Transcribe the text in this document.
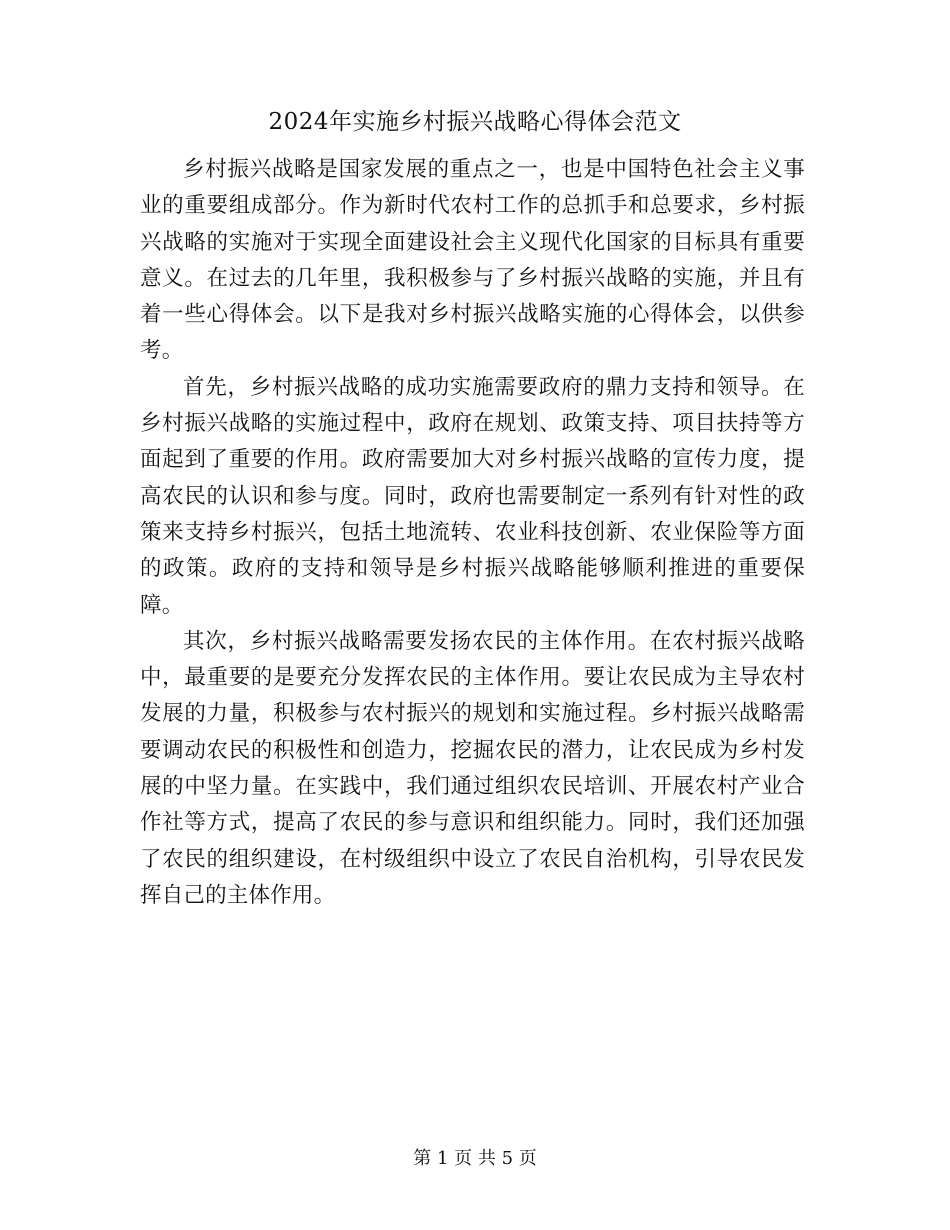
2024年实施乡村振兴战略心得体会范文

乡村振兴战略是国家发展的重点之一，也是中国特色社会主义事业的重要组成部分。作为新时代农村工作的总抓手和总要求，乡村振兴战略的实施对于实现全面建设社会主义现代化国家的目标具有重要意义。在过去的几年里，我积极参与了乡村振兴战略的实施，并且有着一些心得体会。以下是我对乡村振兴战略实施的心得体会，以供参考。

首先，乡村振兴战略的成功实施需要政府的鼎力支持和领导。在乡村振兴战略的实施过程中，政府在规划、政策支持、项目扶持等方面起到了重要的作用。政府需要加大对乡村振兴战略的宣传力度，提高农民的认识和参与度。同时，政府也需要制定一系列有针对性的政策来支持乡村振兴，包括土地流转、农业科技创新、农业保险等方面的政策。政府的支持和领导是乡村振兴战略能够顺利推进的重要保障。

其次，乡村振兴战略需要发扬农民的主体作用。在农村振兴战略中，最重要的是要充分发挥农民的主体作用。要让农民成为主导农村发展的力量，积极参与农村振兴的规划和实施过程。乡村振兴战略需要调动农民的积极性和创造力，挖掘农民的潜力，让农民成为乡村发展的中坚力量。在实践中，我们通过组织农民培训、开展农村产业合作社等方式，提高了农民的参与意识和组织能力。同时，我们还加强了农民的组织建设，在村级组织中设立了农民自治机构，引导农民发挥自己的主体作用。

第 1 页 共 5 页
